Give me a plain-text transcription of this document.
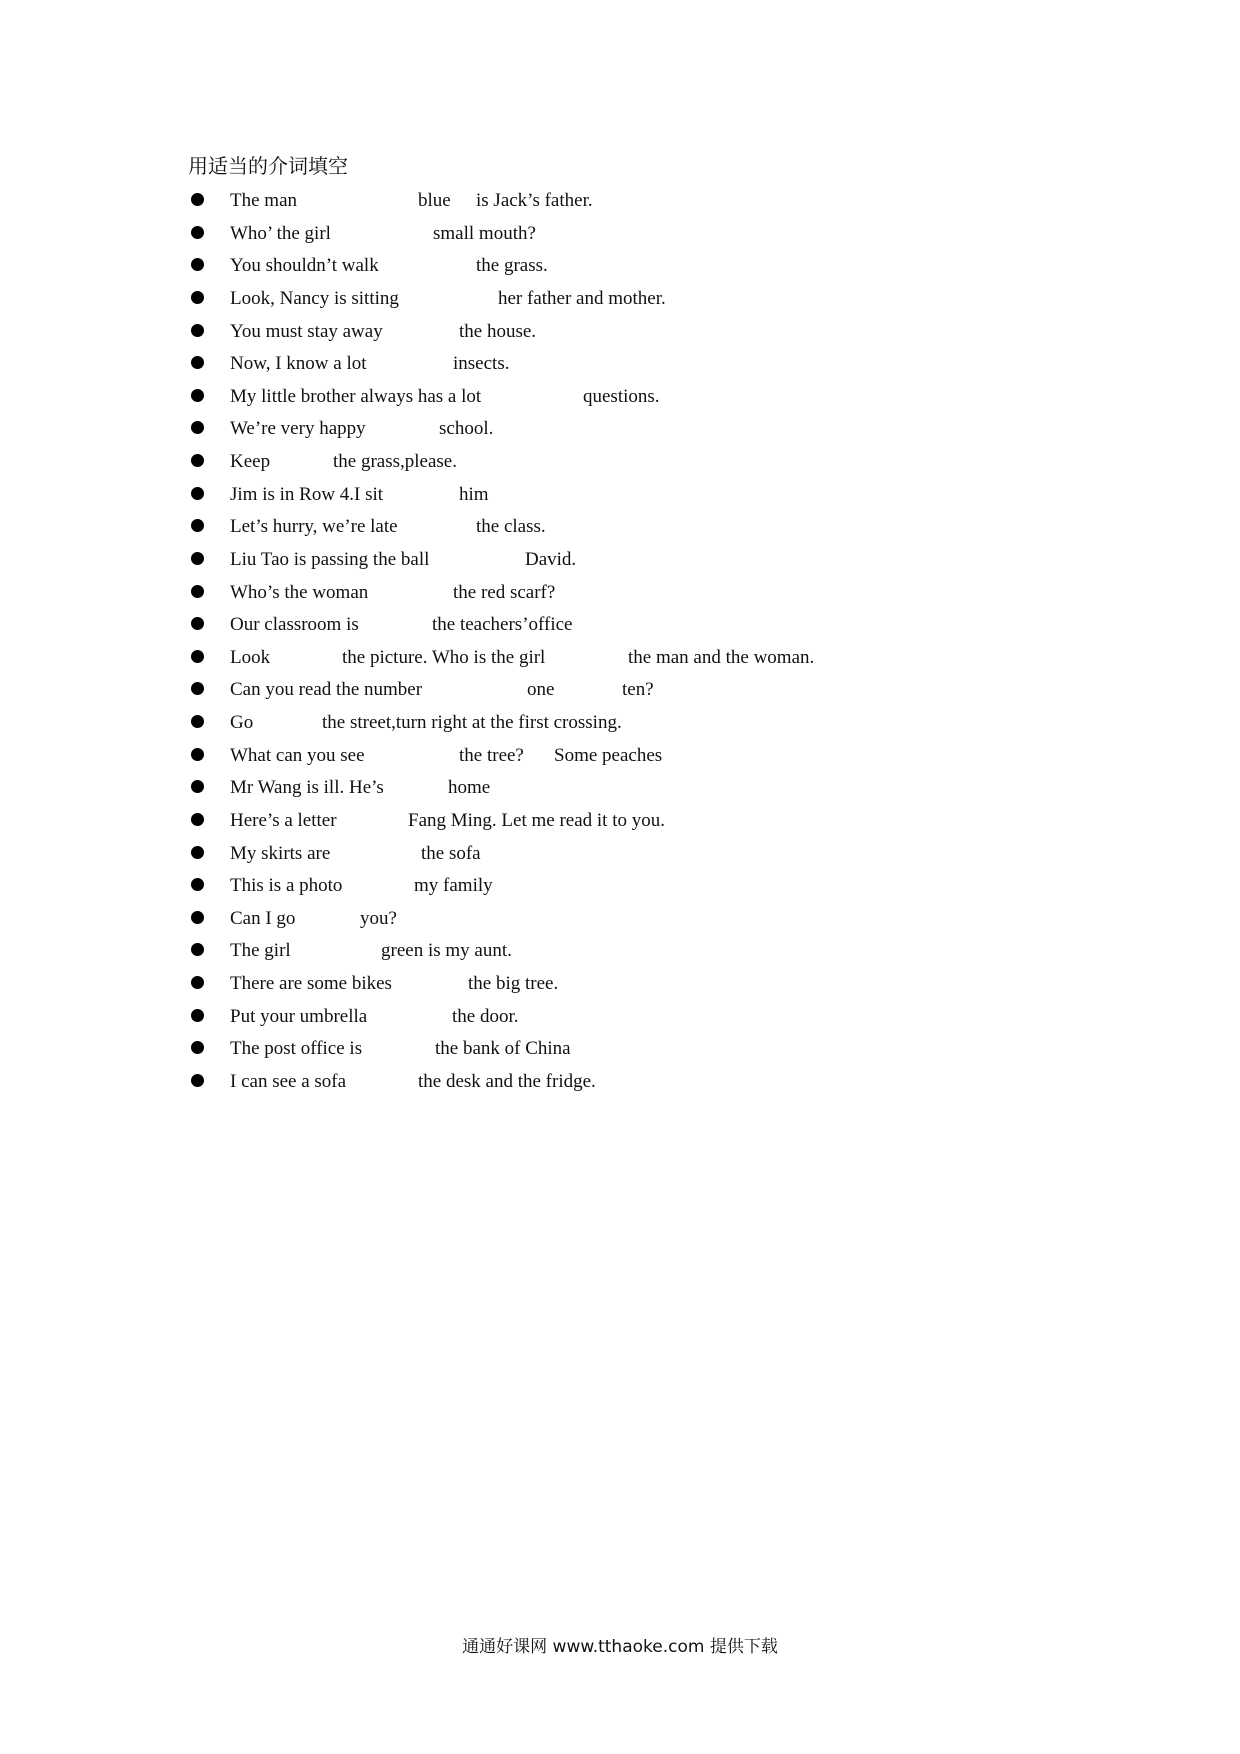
用适当的介词填空
The man	blue is Jack’s father.
Who’ the girl	small mouth?
You shouldn’t walk	the grass.
Look, Nancy is sitting	her father and mother.
You must stay away	the house.
Now, I know a lot	insects.
My little brother always has a lot	questions.
We’re very happy	school.
Keep	the grass,please.
Jim is in Row 4.I sit	him
Let’s hurry, we’re late	the class.
Liu Tao is passing the ball	David.
Who’s the woman	the red scarf?
Our classroom is	the teachers’office
Look	the picture. Who is the girl	the man and the woman.
Can you read the number	one	ten?
Go	the street,turn right at the first crossing.
What can you see	the tree? Some peaches
Mr Wang is ill. He’s	home
Here’s a letter	Fang Ming. Let me read it to you.
My skirts are	the sofa
This is a photo	my family
Can I go	you?
The girl	green is my aunt.
There are some bikes	the big tree.
Put your umbrella	the door.
The post office is	the bank of China
I can see a sofa	the desk and the fridge.
通通好课网 www.tthaoke.com 提供下载
